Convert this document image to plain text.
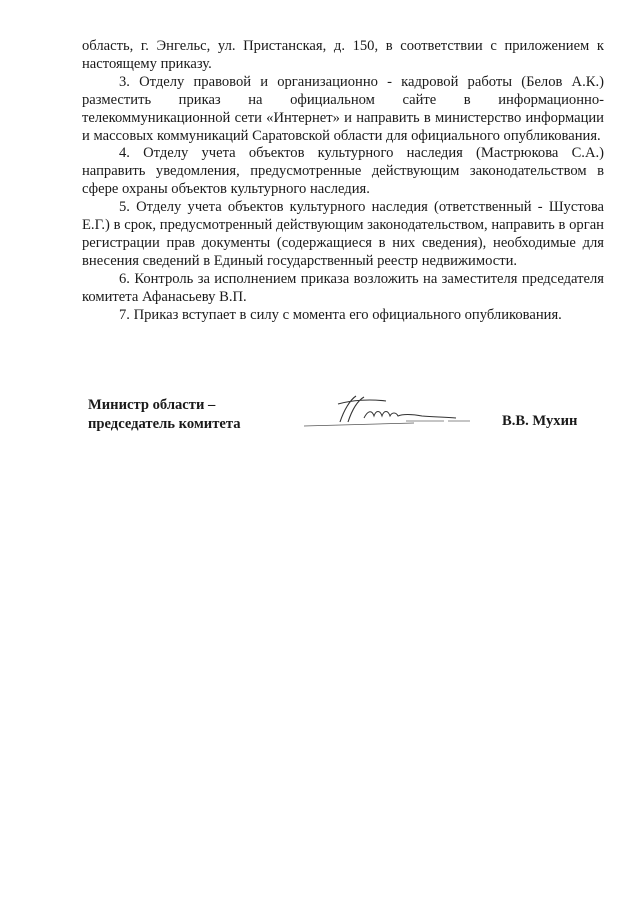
область, г. Энгельс, ул. Пристанская, д. 150, в соответствии с приложением к настоящему приказу.

3. Отделу правовой и организационно - кадровой работы (Белов А.К.) разместить приказ на официальном сайте в информационно-телекоммуникационной сети «Интернет» и направить в министерство информации и массовых коммуникаций Саратовской области для официального опубликования.

4. Отделу учета объектов культурного наследия (Мастрюкова С.А.) направить уведомления, предусмотренные действующим законодательством в сфере охраны объектов культурного наследия.

5. Отделу учета объектов культурного наследия (ответственный - Шустова Е.Г.) в срок, предусмотренный действующим законодательством, направить в орган регистрации прав документы (содержащиеся в них сведения), необходимые для внесения сведений в Единый государственный реестр недвижимости.

6. Контроль за исполнением приказа возложить на заместителя председателя комитета Афанасьеву В.П.

7. Приказ вступает в силу с момента его официального опубликования.

Министр области –
председатель комитета	В.В. Мухин
